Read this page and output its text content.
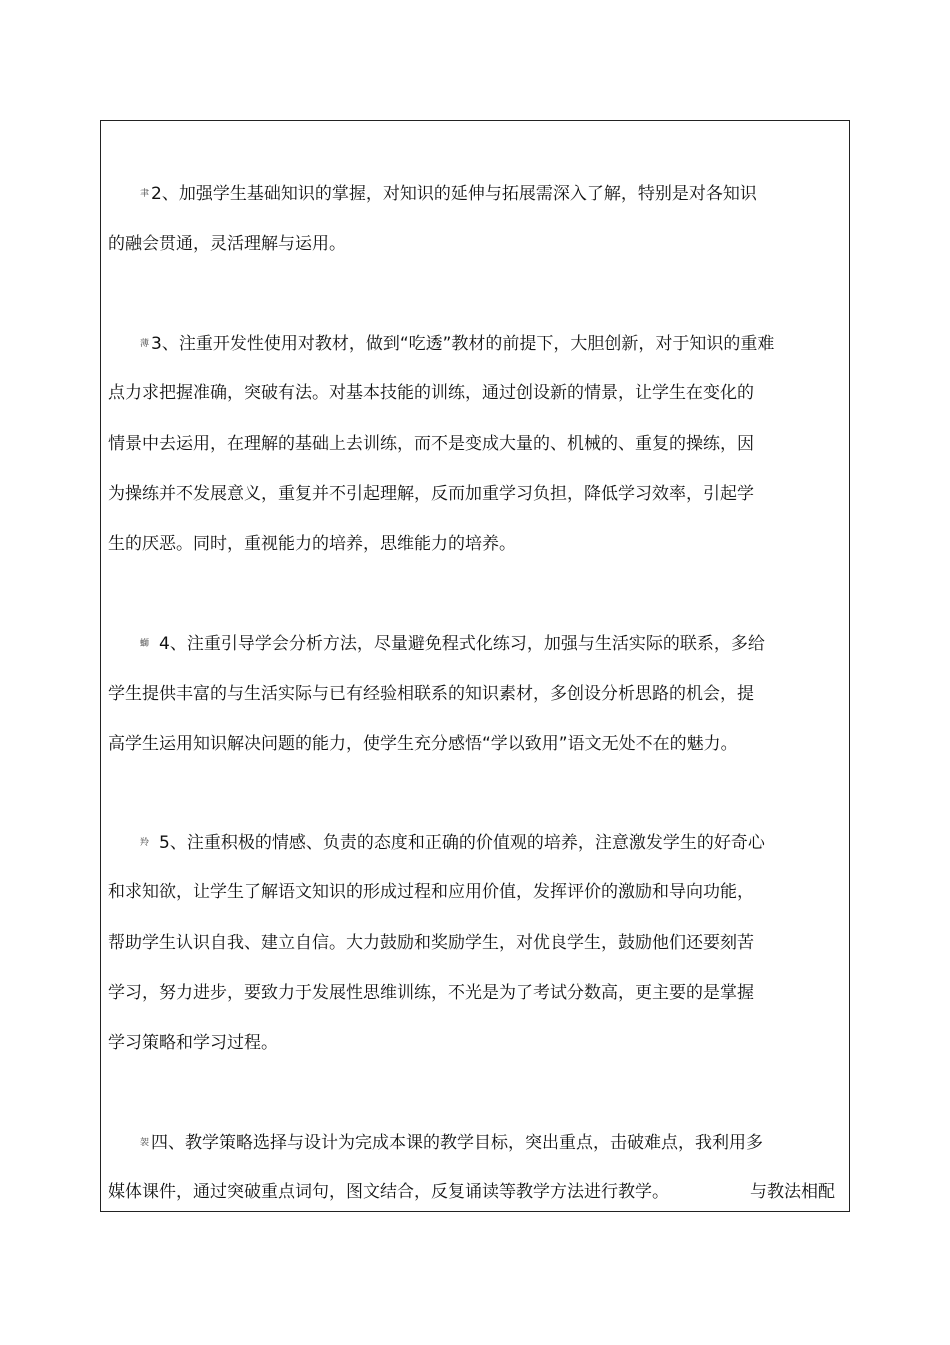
聿 2、加强学生基础知识的掌握，对知识的延伸与拓展需深入了解，特别是对各知识
的融会贯通，灵活理解与运用。
薄 3、注重开发性使用对教材，做到“吃透”教材的前提下，大胆创新，对于知识的重难
点力求把握准确，突破有法。对基本技能的训练，通过创设新的情景，让学生在变化的
情景中去运用，在理解的基础上去训练，而不是变成大量的、机械的、重复的操练，因
为操练并不发展意义，重复并不引起理解，反而加重学习负担，降低学习效率，引起学
生的厌恶。同时，重视能力的培养，思维能力的培养。
螄 4、注重引导学会分析方法，尽量避免程式化练习，加强与生活实际的联系，多给
学生提供丰富的与生活实际与已有经验相联系的知识素材，多创设分析思路的机会，提
高学生运用知识解决问题的能力，使学生充分感悟“学以致用”语文无处不在的魅力。
羚 5、注重积极的情感、负责的态度和正确的价值观的培养，注意激发学生的好奇心
和求知欲，让学生了解语文知识的形成过程和应用价值，发挥评价的激励和导向功能，
帮助学生认识自我、建立自信。大力鼓励和奖励学生，对优良学生，鼓励他们还要刻苦
学习，努力进步，要致力于发展性思维训练，不光是为了考试分数高，更主要的是掌握
学习策略和学习过程。
袈 四、教学策略选择与设计为完成本课的教学目标，突出重点，击破难点，我利用多
媒体课件，通过突破重点词句，图文结合，反复诵读等教学方法进行教学。	与教法相配
